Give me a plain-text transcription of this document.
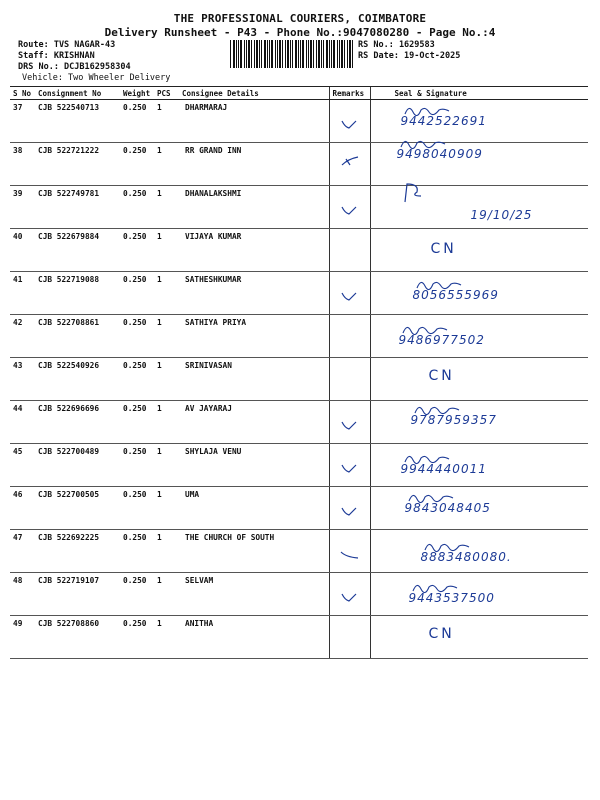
THE PROFESSIONAL COURIERS, COIMBATORE
Delivery Runsheet - P43 - Phone No.:9047080280 - Page No.:4
Route: TVS NAGAR-43
Staff: KRISHNAN
DRS No.: DCJB162958304
Vehicle: Two Wheeler Delivery
RS No.: 1629583
RS Date: 19-Oct-2025
S No	Consignment No	Weight	PCS	Consignee Details	Remarks	Seal & Signature
37	CJB 522540713	0.250	1	DHARMARAJ		9442522691

38	CJB 522721222	0.250	1	RR GRAND INN		9498040909

39	CJB 522749781	0.250	1	DHANALAKSHMI		19/10/25

40	CJB 522679884	0.250	1	VIJAYA KUMAR		CN

41	CJB 522719088	0.250	1	SATHESHKUMAR		8056555969

42	CJB 522708861	0.250	1	SATHIYA PRIYA		9486977502

43	CJB 522540926	0.250	1	SRINIVASAN		CN

44	CJB 522696696	0.250	1	AV JAYARAJ		9787959357

45	CJB 522700489	0.250	1	SHYLAJA VENU		9944440011

46	CJB 522700505	0.250	1	UMA		9843048405

47	CJB 522692225	0.250	1	THE CHURCH OF SOUTH		8883480080.

48	CJB 522719107	0.250	1	SELVAM		9443537500

49	CJB 522708860	0.250	1	ANITHA		CN
